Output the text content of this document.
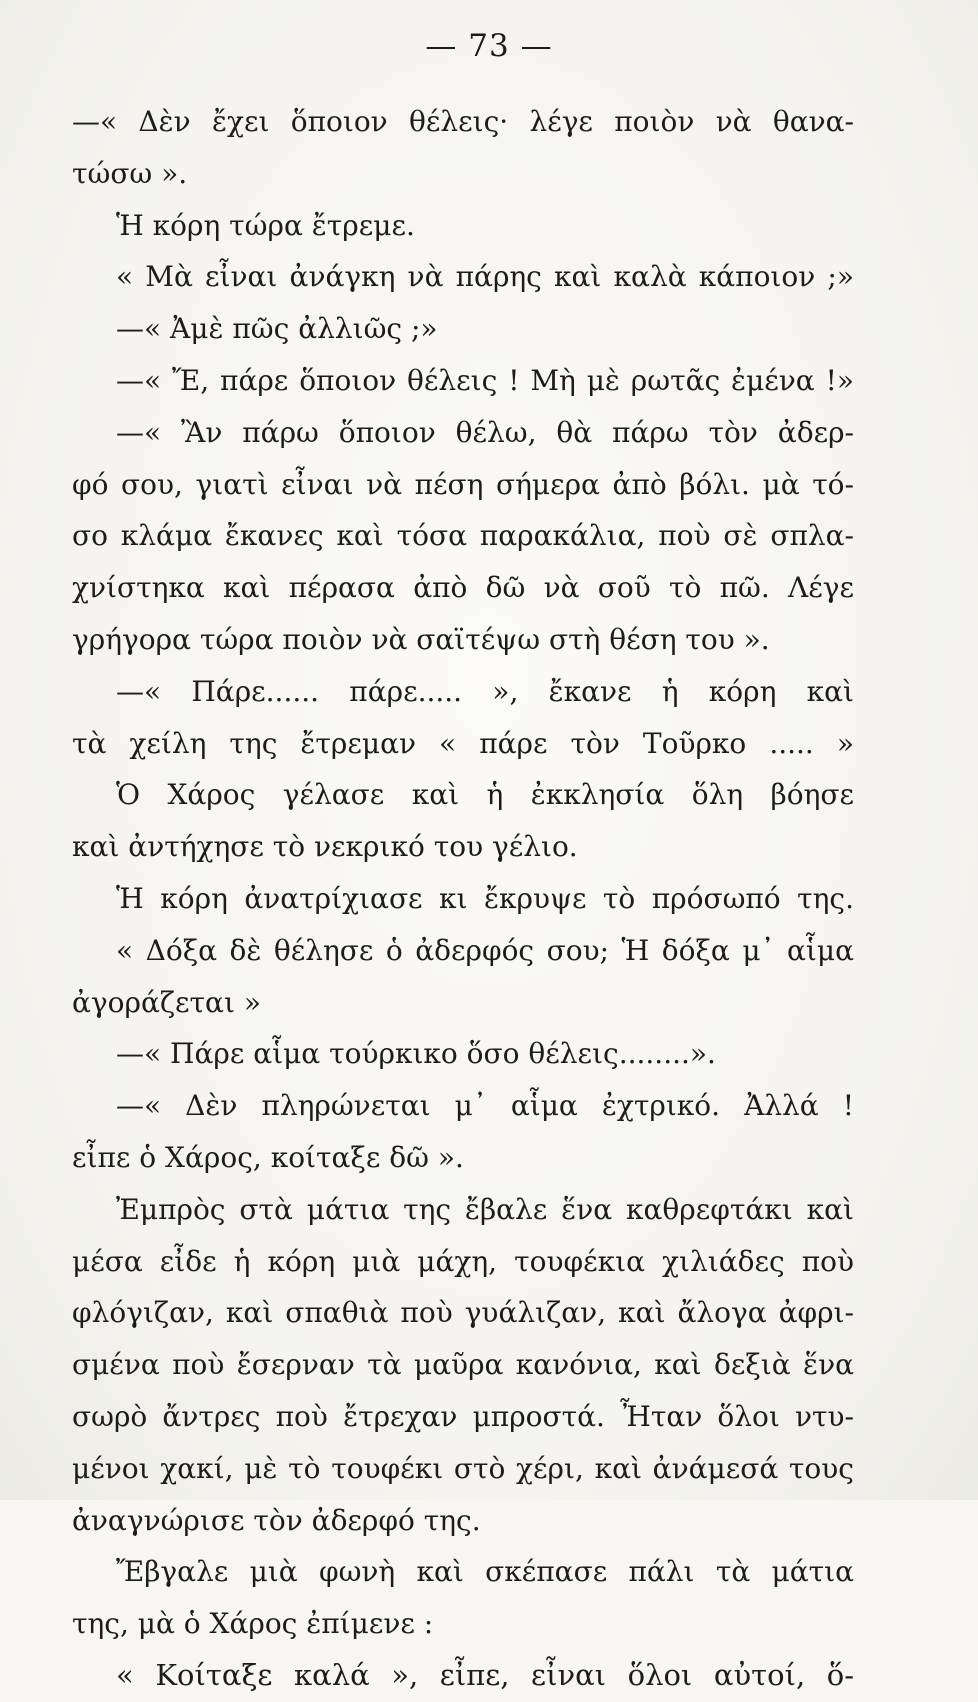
— 73 —
—« Δὲν ἔχει ὅποιον θέλεις· λέγε ποιὸν νὰ θανα-
τώσω ».
Ἡ κόρη τώρα ἔτρεμε.
« Μὰ εἶναι ἀνάγκη νὰ πάρης καὶ καλὰ κάποιον ;»
—« Ἀμὲ πῶς ἀλλιῶς ;»
—« Ἔ, πάρε ὅποιον θέλεις ! Μὴ μὲ ρωτᾶς ἐμένα !»
—« Ἂν πάρω ὅποιον θέλω, θὰ πάρω τὸν ἀδερ-
φό σου, γιατὶ εἶναι νὰ πέση σήμερα ἀπὸ βόλι. μὰ τό-
σο κλάμα ἔκανες καὶ τόσα παρακάλια, ποὺ σὲ σπλα-
χνίστηκα καὶ πέρασα ἀπὸ δῶ νὰ σοῦ τὸ πῶ. Λέγε
γρήγορα τώρα ποιὸν νὰ σαϊτέψω στὴ θέση του ».
—« Πάρε...... πάρε..... », ἔκανε ἡ κόρη καὶ
τὰ χείλη της ἔτρεμαν « πάρε τὸν Τοῦρκο ..... »
Ὁ Χάρος γέλασε καὶ ἡ ἐκκλησία ὅλη βόησε
καὶ ἀντήχησε τὸ νεκρικό του γέλιο.
Ἡ κόρη ἀνατρίχιασε κι ἔκρυψε τὸ πρόσωπό της.
« Δόξα δὲ θέλησε ὁ ἀδερφός σου; Ἡ δόξα μ᾽ αἷμα
ἀγοράζεται »
—« Πάρε αἷμα τούρκικο ὅσο θέλεις........».
—« Δὲν πληρώνεται μ᾽ αἷμα ἐχτρικό. Ἀλλά !
εἶπε ὁ Χάρος, κοίταξε δῶ ».
Ἐμπρὸς στὰ μάτια της ἔβαλε ἕνα καθρεφτάκι καὶ
μέσα εἶδε ἡ κόρη μιὰ μάχη, τουφέκια χιλιάδες ποὺ
φλόγιζαν, καὶ σπαθιὰ ποὺ γυάλιζαν, καὶ ἄλογα ἀφρι-
σμένα ποὺ ἔσερναν τὰ μαῦρα κανόνια, καὶ δεξιὰ ἕνα
σωρὸ ἄντρες ποὺ ἔτρεχαν μπροστά. Ἦταν ὅλοι ντυ-
μένοι χακί, μὲ τὸ τουφέκι στὸ χέρι, καὶ ἀνάμεσά τους
ἀναγνώρισε τὸν ἀδερφό της.
Ἔβγαλε μιὰ φωνὴ καὶ σκέπασε πάλι τὰ μάτια
της, μὰ ὁ Χάρος ἐπίμενε :
« Κοίταξε καλά », εἶπε, εἶναι ὅλοι αὐτοί, ὅ-
